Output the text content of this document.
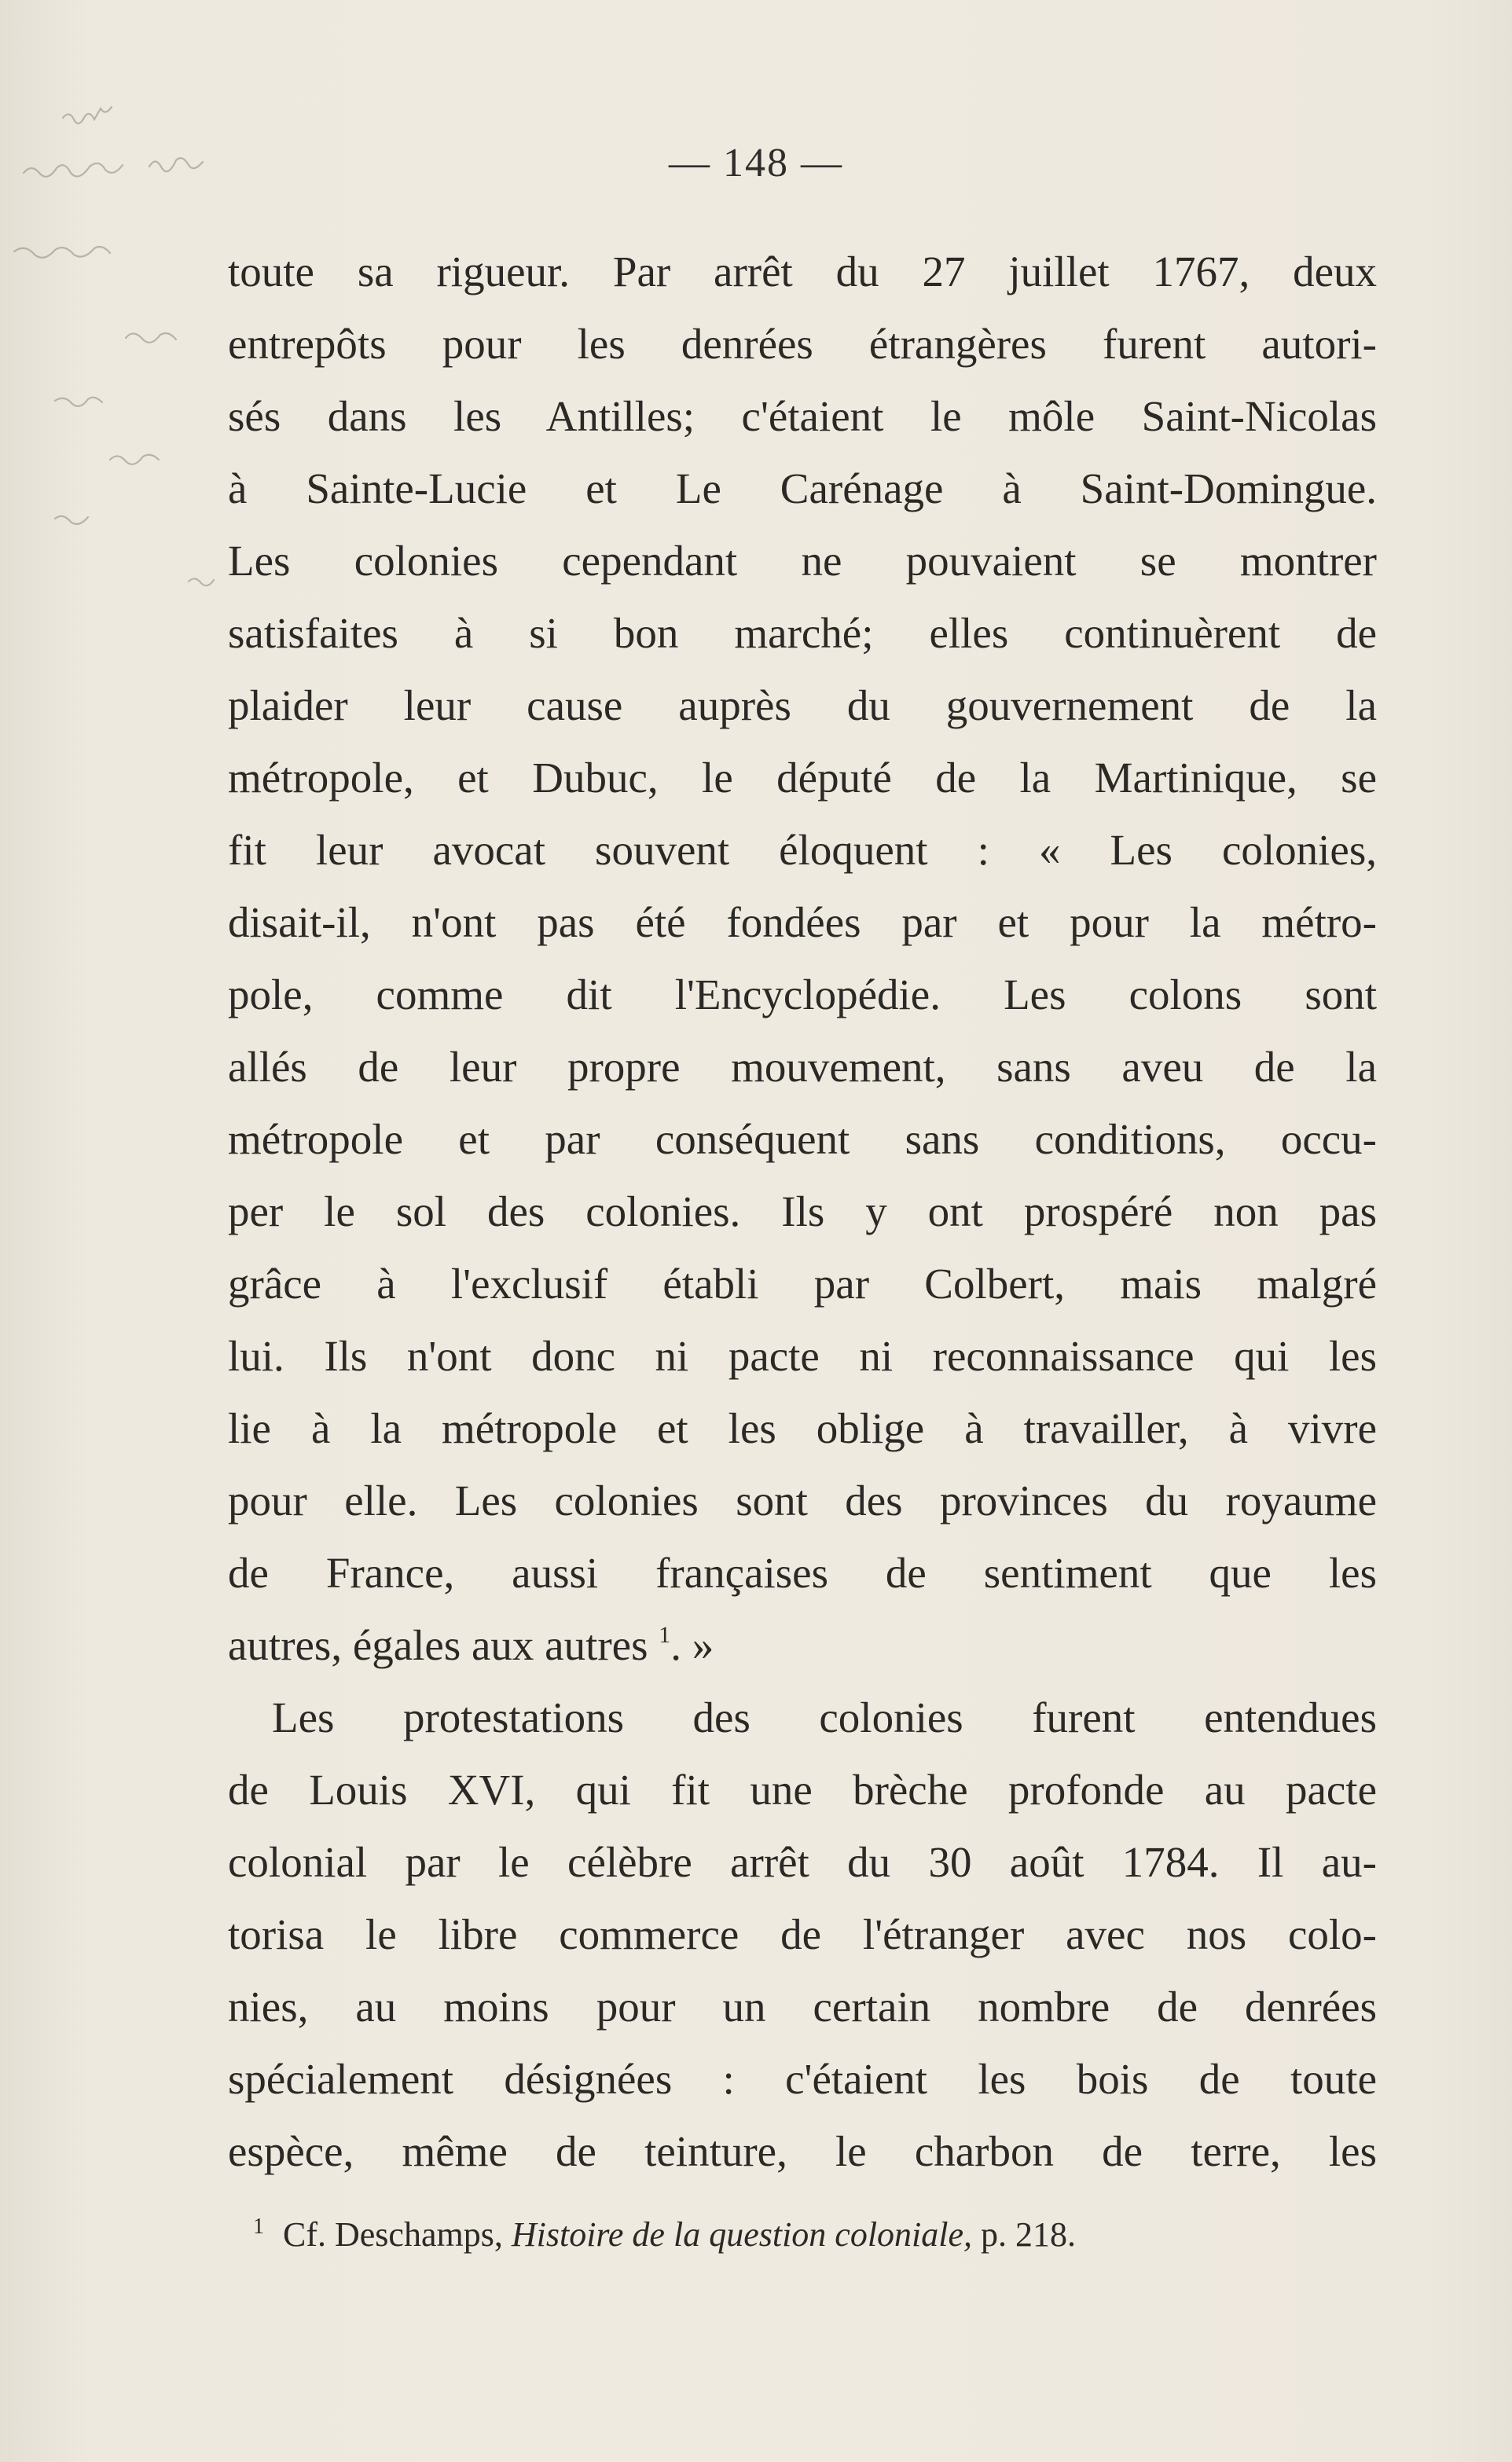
— 148 —
toute sa rigueur. Par arrêt du 27 juillet 1767, deux
entrepôts pour les denrées étrangères furent autori-
sés dans les Antilles; c'étaient le môle Saint-Nicolas
à Sainte-Lucie et Le Carénage à Saint-Domingue.
Les colonies cependant ne pouvaient se montrer
satisfaites à si bon marché; elles continuèrent de
plaider leur cause auprès du gouvernement de la
métropole, et Dubuc, le député de la Martinique, se
fit leur avocat souvent éloquent : « Les colonies,
disait-il, n'ont pas été fondées par et pour la métro-
pole, comme dit l'Encyclopédie. Les colons sont
allés de leur propre mouvement, sans aveu de la
métropole et par conséquent sans conditions, occu-
per le sol des colonies. Ils y ont prospéré non pas
grâce à l'exclusif établi par Colbert, mais malgré
lui. Ils n'ont donc ni pacte ni reconnaissance qui les
lie à la métropole et les oblige à travailler, à vivre
pour elle. Les colonies sont des provinces du royaume
de France, aussi françaises de sentiment que les
autres, égales aux autres $^1$. »
Les protestations des colonies furent entendues
de Louis XVI, qui fit une brèche profonde au pacte
colonial par le célèbre arrêt du 30 août 1784. Il au-
torisa le libre commerce de l'étranger avec nos colo-
nies, au moins pour un certain nombre de denrées
spécialement désignées : c'étaient les bois de toute
espèce, même de teinture, le charbon de terre, les
$^1$ Cf. Deschamps, Histoire de la question coloniale, p. 218.
